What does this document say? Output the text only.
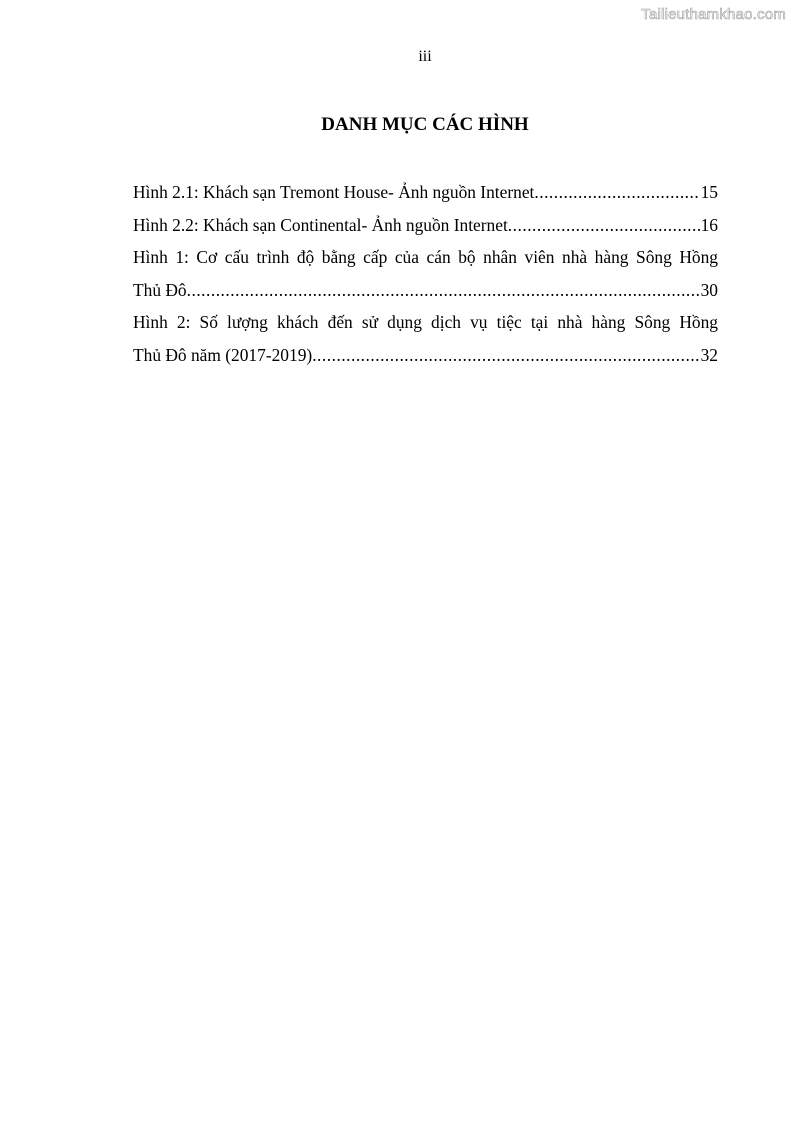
Tailieuthamkhao.com
iii
DANH MỤC CÁC HÌNH
Hình 2.1: Khách sạn Tremont House- Ảnh nguồn Internet .....	15
Hình 2.2: Khách sạn Continental- Ảnh nguồn Internet .....	16
Hình 1: Cơ cấu trình độ bằng cấp của cán bộ nhân viên nhà hàng Sông Hồng
Thủ Đô .....	30
Hình 2: Số lượng khách đến sử dụng dịch vụ tiệc tại nhà hàng Sông Hồng
Thủ Đô năm (2017-2019) .....	32
